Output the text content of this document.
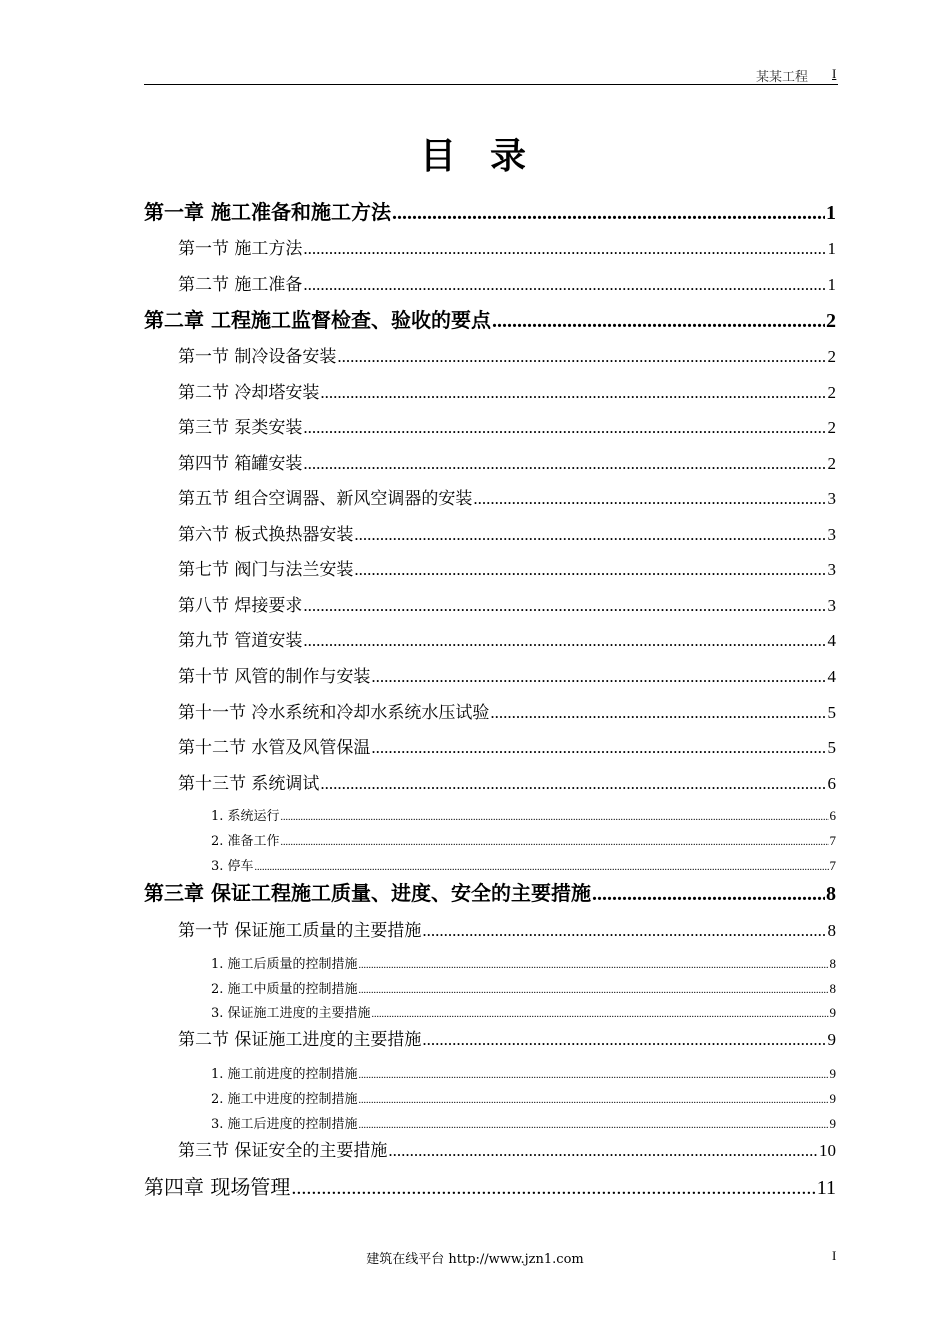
某某工程 I
目录
第一章 施工准备和施工方法 .....	1
第一节 施工方法 .....	1
第二节 施工准备 .....	1
第二章 工程施工监督检查、验收的要点 .....	2
第一节 制冷设备安装 .....	2
第二节 冷却塔安装 .....	2
第三节 泵类安装 .....	2
第四节 箱罐安装 .....	2
第五节 组合空调器、新风空调器的安装 .....	3
第六节 板式换热器安装 .....	3
第七节 阀门与法兰安装 .....	3
第八节 焊接要求 .....	3
第九节 管道安装 .....	4
第十节 风管的制作与安装 .....	4
第十一节 冷水系统和冷却水系统水压试验 .....	5
第十二节 水管及风管保温 .....	5
第十三节 系统调试 .....	6
1. 系统运行 .....	6
2. 准备工作 .....	7
3. 停车 .....	7
第三章 保证工程施工质量、进度、安全的主要措施 .....	8
第一节 保证施工质量的主要措施 .....	8
1. 施工后质量的控制措施 .....	8
2. 施工中质量的控制措施 .....	8
3. 保证施工进度的主要措施 .....	9
第二节 保证施工进度的主要措施 .....	9
1. 施工前进度的控制措施 .....	9
2. 施工中进度的控制措施 .....	9
3. 施工后进度的控制措施 .....	9
第三节 保证安全的主要措施 .....	10
第四章 现场管理 .....	11
建筑在线平台 http://www.jzn1.com	I
